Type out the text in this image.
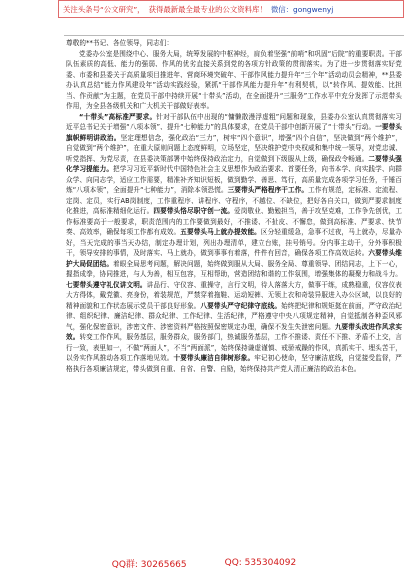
关注头条号“公文研究”， 获得最新最全最专业的公文资料库！ 微信：gongwenyj

尊敬的**书记、各位领导，同志们：

党委办公室是围绕中心、服务大局，统筹发展的中枢神经，肩负着坚强“前哨”和巩固“后院”的重要职责。干部队伍素质的高低、能力的强弱、作风的优劣直接关系到党的各项方针政策的贯彻落实。为了进一步贯彻落实好党委、市委和县委关于高质量项目推进年、营商环境突破年、干部作风能力提升年“三个年”活动动员会精神，**县委办认真总结“能力作风建设年”活动实践经验，紧抓“干部作风能力提升年”有利契机，以“转作风、提效能、比担当、作贡献”为主题，在党员干部中持续开展“十带头”活动，在全面提升“三服务”工作水平中充分发挥了示范带头作用，为全县各级机关和广大机关干部做好表率。

“十带头”高标准严要求。针对干部队伍中出现的“慵懒散漫浮虚粗”问题和现象，县委办公室认真贯彻落实习近平总书记关于增强“八项本领”、提升“七种能力”的具体要求，在党员干部中创新开展了“十带头”行动。一要带头旗帜鲜明讲政治。坚定理想信念，强化政治“三力”，树牢“四个意识”，增强“四个自信”，坚决做到“两个维护”，自觉做到“两个维护”，在重大原则问题上态度鲜明，立场坚定，坚决维护党中央权威和集中统一领导，对党忠诚、听党指挥、为党尽责，在县委决策部署中始终保持政治定力，自觉做到下级服从上级，确保政令畅通。二要带头强化学习提能力。把学习习近平新时代中国特色社会主义思想作为政治要求、首要任务，向书本学、向实践学、向群众学、向同志学，适应工作需要，精准补齐知识短板，做到勤学、善思、笃行，高质量完成各项学习任务，千锤百炼“八项本领”，全面提升“七种能力”，消除本领恐慌。三要带头严格程序干工作。工作有规范，定标准、定流程、定岗、定员，实行AB岗制度，工作重程序、讲程序、守程序，不越位、不缺位，把好各自关口，做到严要求制度化推进，高标准精细化运行。四要带头恪尽职守创一流。爱岗敬业、勤勉担当，善于攻坚克难，工作争先创优，工作标准要高于一般要求，职责范围内的工作要做到最好，不推诿、不扯皮、不懈怠，做到高标准、严要求、快节奏、高效率，确保每项工作都有成效。五要带头马上就办提效能。区分轻重缓急，急事不过夜，马上就办，尽量办好，当天完成的事当天办结，制定办理计划，列出办理清单，建立台账，挂号销号。分内事主动干，分外事积极干，领导安排的事情，及时落实、马上就办，做到事事有着落，件件有回音，确保各项工作高效运转。六要带头维护大局促团结。着眼全局思考问题，解决问题，始终做到服从大局、服务全局、尊重领导、团结同志，上下一心，握指成拳，协同推进，与人为善，相互包容，互相帮助，营造团结和谐的工作氛围，增强集体的凝聚力和战斗力。七要带头遵守礼仪讲文明。讲品行、守仪容、重操守，言行文明，待人落落大方，做事干练，成熟稳重，仪容仪表大方得体，戴党徽、亮身份，着装规范，严禁穿着拖鞋、运动短裤、无领上衣和奇装异服进入办公区域，以良好的精神面貌和工作状态展示党员干部良好形象。八要带头严守纪律守底线。始终把纪律和规矩挺在前面，严守政治纪律、组织纪律、廉洁纪律、群众纪律、工作纪律、生活纪律，严格遵守中央八项规定精神，自觉抵制各种歪风邪气，强化保密意识，涉密文件、涉密资料严格按照保密规定办理，确保不发生失泄密问题。九要带头改进作风求实效。转变工作作风，服务基层，服务群众，服务部门，热诚服务基层，工作不推诿、责任不下推、矛盾不上交，言行一致，表里如一，不做“两面人”，不当“两面派”，始终保持谦虚谨慎、戒骄戒躁的作风，真抓实干、埋头苦干，以务实作风推动各项工作落地见效。十要带头廉洁自律树形象。牢记初心使命，坚守廉洁底线，自觉接受监督，严格执行各项廉洁规定，带头做到自重、自省、自警、自励，始终保持共产党人清正廉洁的政治本色。

QQ群: 30265665	QQ: 535304092
